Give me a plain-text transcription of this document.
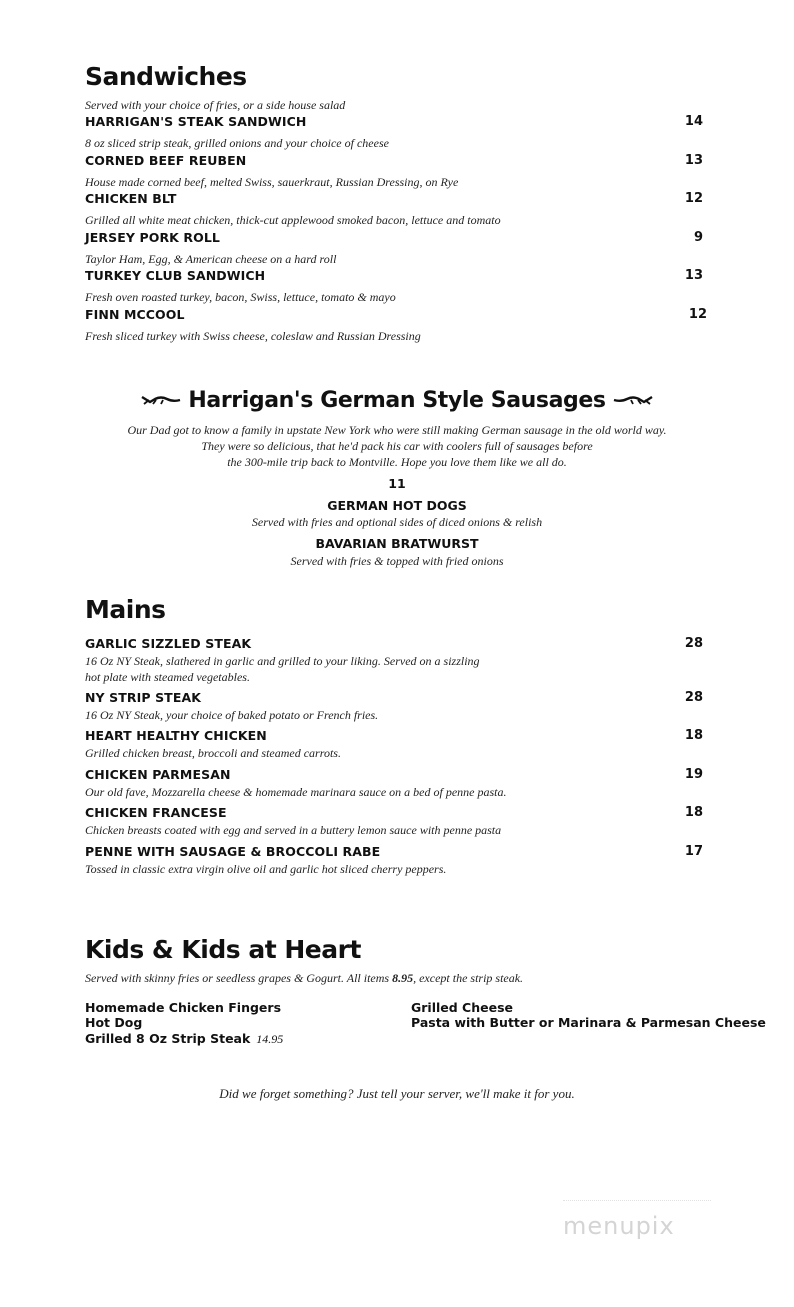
Sandwiches

Served with your choice of fries, or a side house salad

HARRIGAN'S STEAK SANDWICH	14

8 oz sliced strip steak, grilled onions and your choice of cheese

CORNED BEEF REUBEN	13

House made corned beef, melted Swiss, sauerkraut, Russian Dressing, on Rye

CHICKEN BLT	12

Grilled all white meat chicken, thick-cut applewood smoked bacon, lettuce and tomato

JERSEY PORK ROLL	9

Taylor Ham, Egg, & American cheese on a hard roll

TURKEY CLUB SANDWICH	13

Fresh oven roasted turkey, bacon, Swiss, lettuce, tomato & mayo

FINN MCCOOL	12

Fresh sliced turkey with Swiss cheese, coleslaw and Russian Dressing

Harrigan's German Style Sausages

Our Dad got to know a family in upstate New York who were still making German sausage in the old world way.

They were so delicious, that he'd pack his car with coolers full of sausages before

the 300-mile trip back to Montville. Hope you love them like we all do.

11

GERMAN HOT DOGS

Served with fries and optional sides of diced onions & relish

BAVARIAN BRATWURST

Served with fries & topped with fried onions

Mains

GARLIC SIZZLED STEAK	28

16 Oz NY Steak, slathered in garlic and grilled to your liking. Served on a sizzling

hot plate with steamed vegetables.

NY STRIP STEAK	28

16 Oz NY Steak, your choice of baked potato or French fries.

HEART HEALTHY CHICKEN	18

Grilled chicken breast, broccoli and steamed carrots.

CHICKEN PARMESAN	19

Our old fave, Mozzarella cheese & homemade marinara sauce on a bed of penne pasta.

CHICKEN FRANCESE	18

Chicken breasts coated with egg and served in a buttery lemon sauce with penne pasta

PENNE WITH SAUSAGE & BROCCOLI RABE	17

Tossed in classic extra virgin olive oil and garlic hot sliced cherry peppers.

Kids & Kids at Heart

Served with skinny fries or seedless grapes & Gogurt. All items 8.95, except the strip steak.

Homemade Chicken Fingers

Hot Dog

Grilled 8 Oz Strip Steak 14.95

Grilled Cheese

Pasta with Butter or Marinara & Parmesan Cheese

Did we forget something? Just tell your server, we'll make it for you.

menupix
